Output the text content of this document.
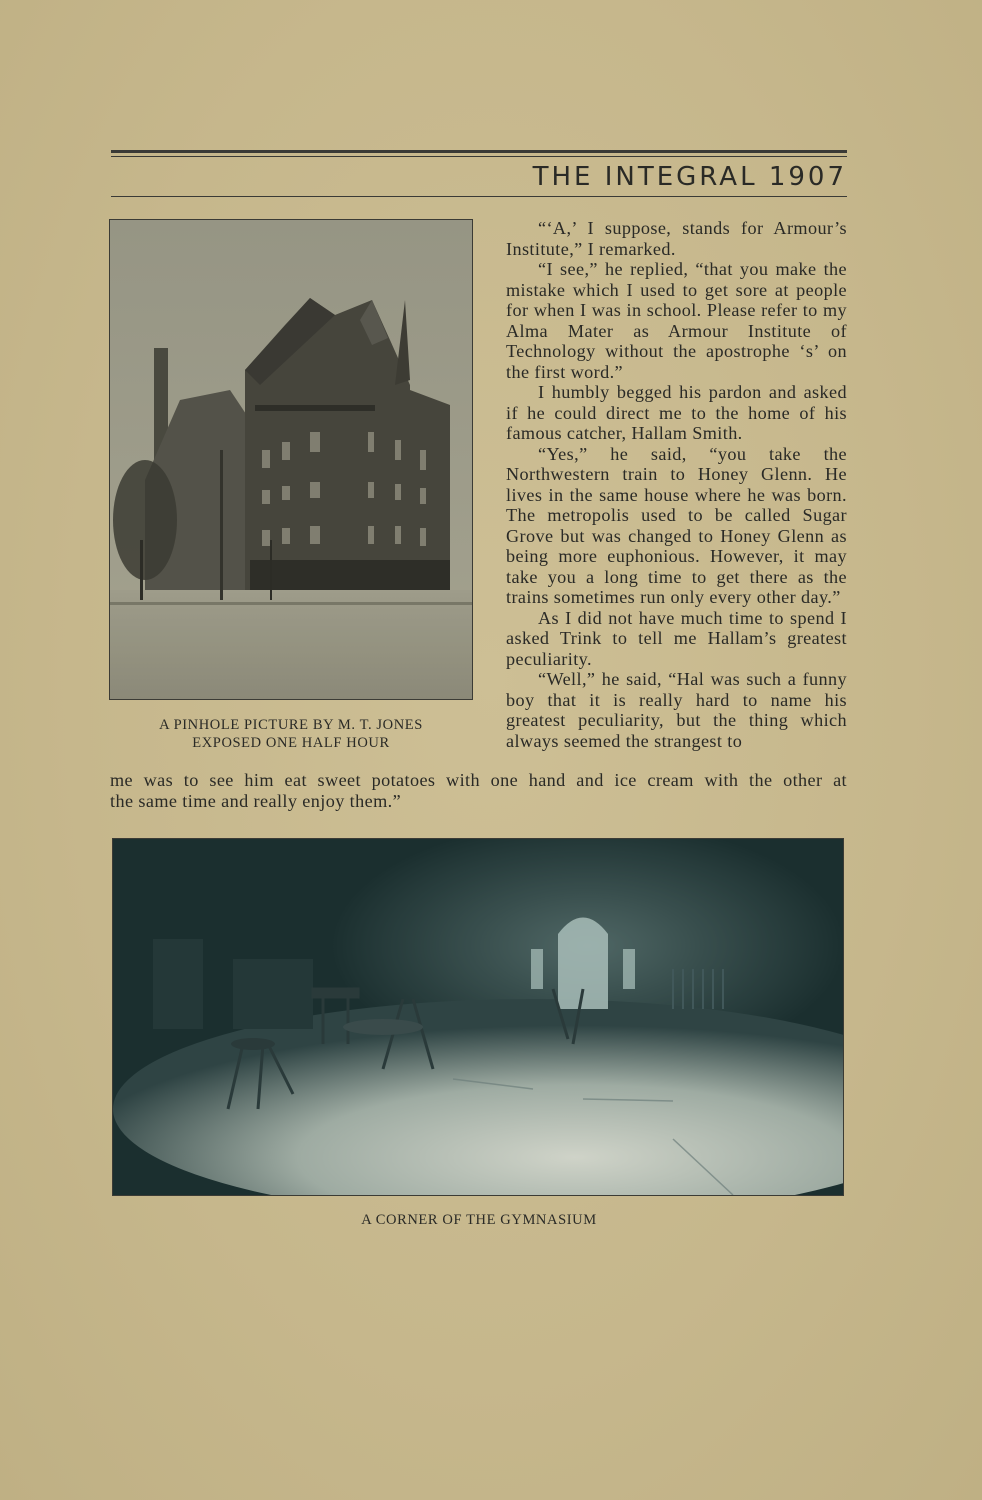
THE INTEGRAL 1907
A PINHOLE PICTURE BY M. T. JONES
EXPOSED ONE HALF HOUR

“‘A,’ I suppose, stands for Armour’s Institute,” I remarked.

“I see,” he replied, “that you make the mistake which I used to get sore at people for when I was in school. Please refer to my Alma Mater as Armour Institute of Technology without the apostrophe ‘s’ on the first word.”

I humbly begged his pardon and asked if he could direct me to the home of his famous catcher, Hallam Smith.

“Yes,” he said, “you take the Northwestern train to Honey Glenn. He lives in the same house where he was born. The metropolis used to be called Sugar Grove but was changed to Honey Glenn as being more euphonious. However, it may take you a long time to get there as the trains sometimes run only every other day.”

As I did not have much time to spend I asked Trink to tell me Hallam’s greatest peculiarity.

“Well,” he said, “Hal was such a funny boy that it is really hard to name his greatest peculiarity, but the thing which always seemed the strangest to

me was to see him eat sweet potatoes with one hand and ice cream with the other at
the same time and really enjoy them.”
A CORNER OF THE GYMNASIUM
